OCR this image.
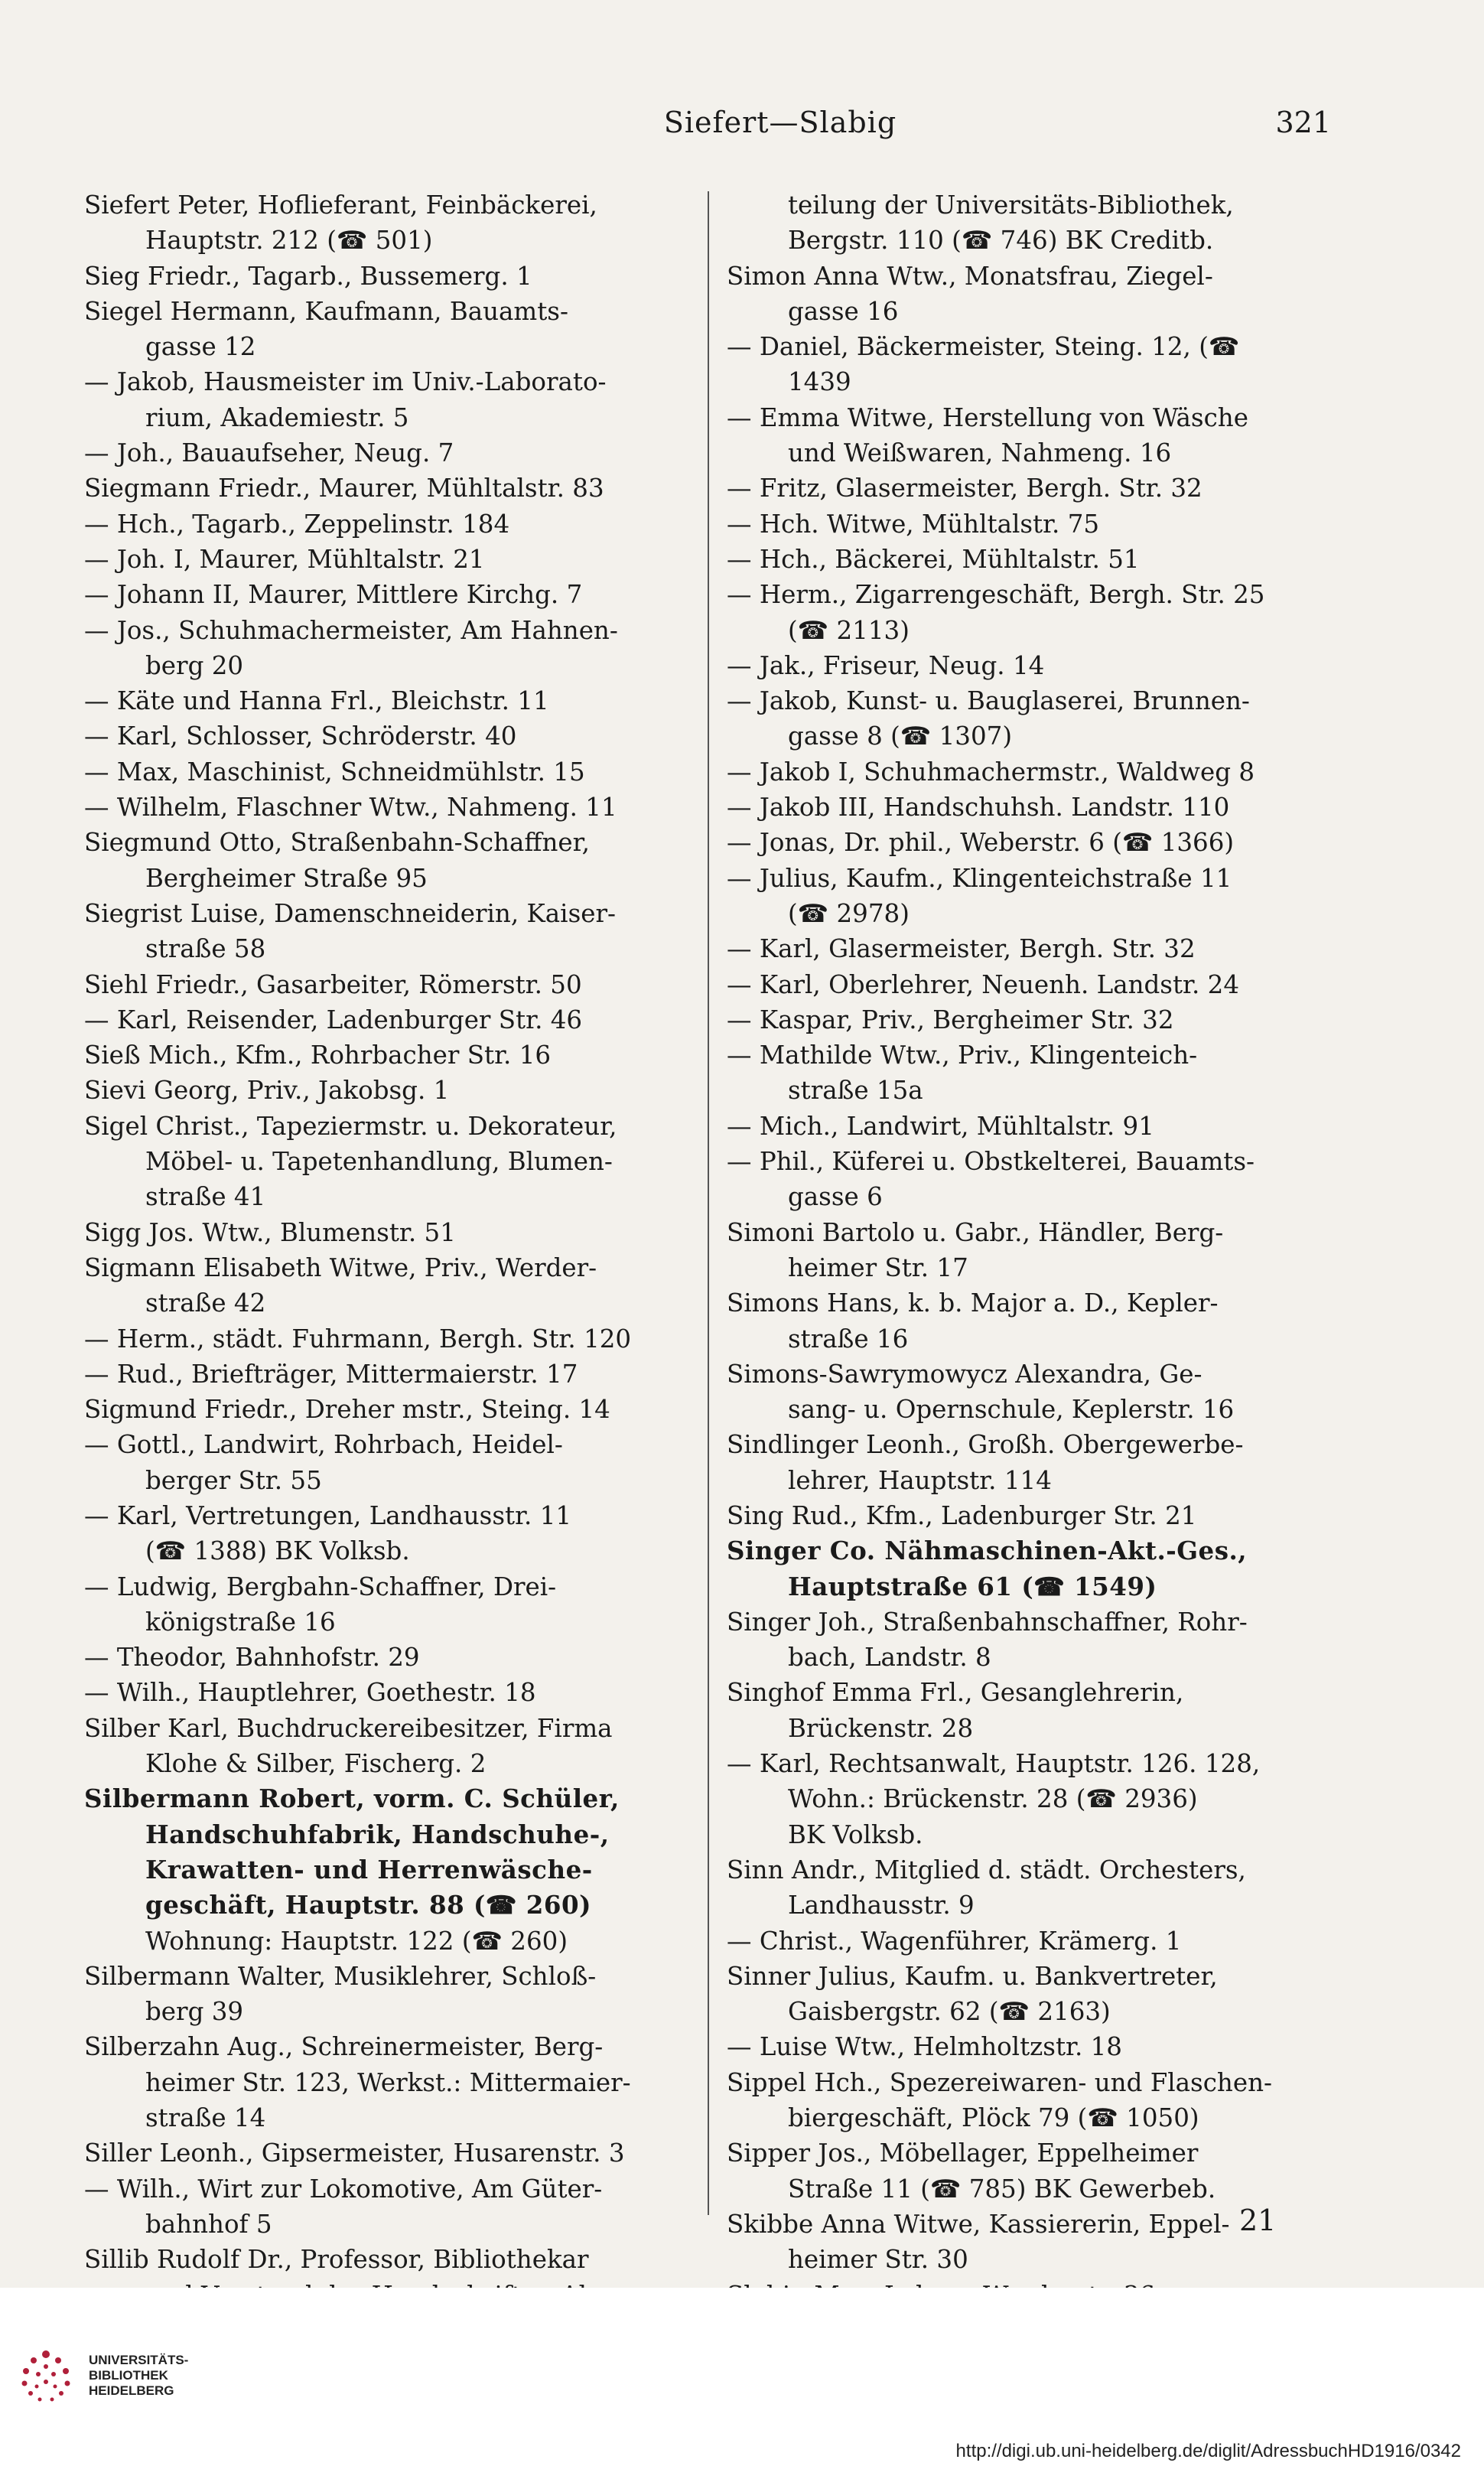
Siefert—Slabig	321
Siefert Peter, Hoflieferant, Feinbäckerei,
Hauptstr. 212 (☎ 501)
Sieg Friedr., Tagarb., Bussemerg. 1
Siegel Hermann, Kaufmann, Bauamts-
gasse 12
— Jakob, Hausmeister im Univ.-Laborato-
rium, Akademiestr. 5
— Joh., Bauaufseher, Neug. 7
Siegmann Friedr., Maurer, Mühltalstr. 83
— Hch., Tagarb., Zeppelinstr. 184
— Joh. I, Maurer, Mühltalstr. 21
— Johann II, Maurer, Mittlere Kirchg. 7
— Jos., Schuhmachermeister, Am Hahnen-
berg 20
— Käte und Hanna Frl., Bleichstr. 11
— Karl, Schlosser, Schröderstr. 40
— Max, Maschinist, Schneidmühlstr. 15
— Wilhelm, Flaschner Wtw., Nahmeng. 11
Siegmund Otto, Straßenbahn-Schaffner,
Bergheimer Straße 95
Siegrist Luise, Damenschneiderin, Kaiser-
straße 58
Siehl Friedr., Gasarbeiter, Römerstr. 50
— Karl, Reisender, Ladenburger Str. 46
Sieß Mich., Kfm., Rohrbacher Str. 16
Sievi Georg, Priv., Jakobsg. 1
Sigel Christ., Tapeziermstr. u. Dekorateur,
Möbel- u. Tapetenhandlung, Blumen-
straße 41
Sigg Jos. Wtw., Blumenstr. 51
Sigmann Elisabeth Witwe, Priv., Werder-
straße 42
— Herm., städt. Fuhrmann, Bergh. Str. 120
— Rud., Briefträger, Mittermaierstr. 17
Sigmund Friedr., Dreher mstr., Steing. 14
— Gottl., Landwirt, Rohrbach, Heidel-
berger Str. 55
— Karl, Vertretungen, Landhausstr. 11
(☎ 1388) BK Volksb.
— Ludwig, Bergbahn-Schaffner, Drei-
königstraße 16
— Theodor, Bahnhofstr. 29
— Wilh., Hauptlehrer, Goethestr. 18
Silber Karl, Buchdruckereibesitzer, Firma
Klohe & Silber, Fischerg. 2
Silbermann Robert, vorm. C. Schüler,
Handschuhfabrik, Handschuhe-,
Krawatten- und Herrenwäsche-
geschäft, Hauptstr. 88 (☎ 260)
Wohnung: Hauptstr. 122 (☎ 260)
Silbermann Walter, Musiklehrer, Schloß-
berg 39
Silberzahn Aug., Schreinermeister, Berg-
heimer Str. 123, Werkst.: Mittermaier-
straße 14
Siller Leonh., Gipsermeister, Husarenstr. 3
— Wilh., Wirt zur Lokomotive, Am Güter-
bahnhof 5
Sillib Rudolf Dr., Professor, Bibliothekar
teilung der Universitäts-Bibliothek,
Bergstr. 110 (☎ 746) BK Creditb.
Simon Anna Wtw., Monatsfrau, Ziegel-
gasse 16
— Daniel, Bäckermeister, Steing. 12, (☎
1439
— Emma Witwe, Herstellung von Wäsche
und Weißwaren, Nahmeng. 16
— Fritz, Glasermeister, Bergh. Str. 32
— Hch. Witwe, Mühltalstr. 75
— Hch., Bäckerei, Mühltalstr. 51
— Herm., Zigarrengeschäft, Bergh. Str. 25
(☎ 2113)
— Jak., Friseur, Neug. 14
— Jakob, Kunst- u. Bauglaserei, Brunnen-
gasse 8 (☎ 1307)
— Jakob I, Schuhmachermstr., Waldweg 8
— Jakob III, Handschuhsh. Landstr. 110
— Jonas, Dr. phil., Weberstr. 6 (☎ 1366)
— Julius, Kaufm., Klingenteichstraße 11
(☎ 2978)
— Karl, Glasermeister, Bergh. Str. 32
— Karl, Oberlehrer, Neuenh. Landstr. 24
— Kaspar, Priv., Bergheimer Str. 32
— Mathilde Wtw., Priv., Klingenteich-
straße 15a
— Mich., Landwirt, Mühltalstr. 91
— Phil., Küferei u. Obstkelterei, Bauamts-
gasse 6
Simoni Bartolo u. Gabr., Händler, Berg-
heimer Str. 17
Simons Hans, k. b. Major a. D., Kepler-
straße 16
Simons-Sawrymowycz Alexandra, Ge-
sang- u. Opernschule, Keplerstr. 16
Sindlinger Leonh., Großh. Obergewerbe-
lehrer, Hauptstr. 114
Sing Rud., Kfm., Ladenburger Str. 21
Singer Co. Nähmaschinen-Akt.-Ges.,
Hauptstraße 61 (☎ 1549)
Singer Joh., Straßenbahnschaffner, Rohr-
bach, Landstr. 8
Singhof Emma Frl., Gesanglehrerin,
Brückenstr. 28
— Karl, Rechtsanwalt, Hauptstr. 126. 128,
Wohn.: Brückenstr. 28 (☎ 2936)
BK Volksb.
Sinn Andr., Mitglied d. städt. Orchesters,
Landhausstr. 9
— Christ., Wagenführer, Krämerg. 1
Sinner Julius, Kaufm. u. Bankvertreter,
Gaisbergstr. 62 (☎ 2163)
— Luise Wtw., Helmholtzstr. 18
Sippel Hch., Spezereiwaren- und Flaschen-
biergeschäft, Plöck 79 (☎ 1050)
Sipper Jos., Möbellager, Eppelheimer
Straße 11 (☎ 785) BK Gewerbeb.
Skibbe Anna Witwe, Kassiererin, Eppel-
heimer Str. 30
21
UNIVERSITÄTS-
BIBLIOTHEK
HEIDELBERG
http://digi.ub.uni-heidelberg.de/diglit/AdressbuchHD1916/0342
